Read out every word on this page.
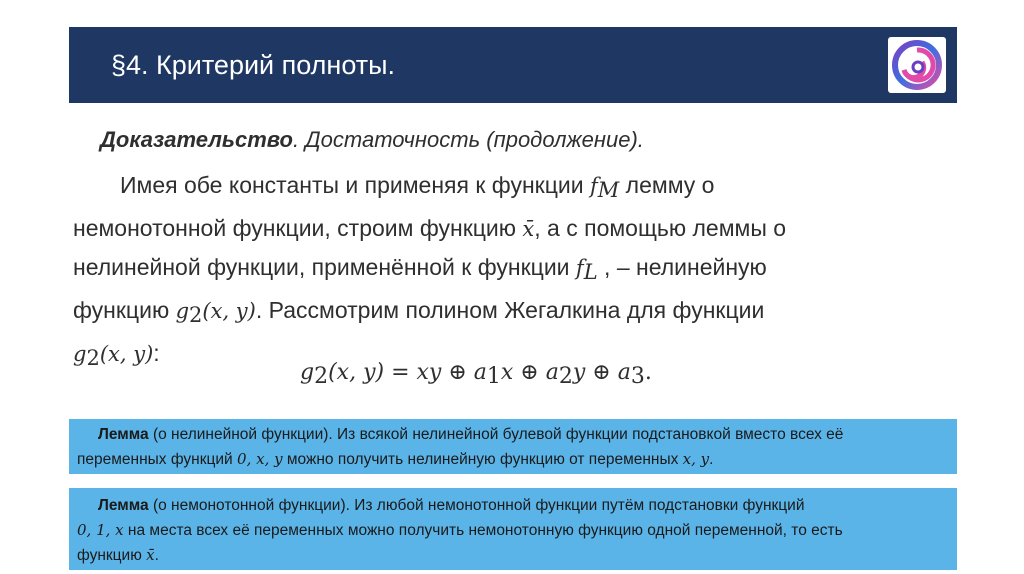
§4. Критерий полноты.
Доказательство. Достаточность (продолжение).
Имея обе константы и применяя к функции $f_M$ лемму о
немонотонной функции, строим функцию x̄, а с помощью леммы о
нелинейной функции, применённой к функции $f_L$ , – нелинейную
функцию $g_2(x$, y). Рассмотрим полином Жегалкина для функции
$g_2(x$, y):
$g_2(x$, y) = xy ⊕ $a_1x$ ⊕ $a_2y$ ⊕ $a_3$.
Лемма (о нелинейной функции). Из всякой нелинейной булевой функции подстановкой вместо всех её
переменных функций 0, x, y можно получить нелинейную функцию от переменных x, y.
Лемма (о немонотонной функции). Из любой немонотонной функции путём подстановки функций
0, 1, x на места всех её переменных можно получить немонотонную функцию одной переменной, то есть
функцию x̄.
